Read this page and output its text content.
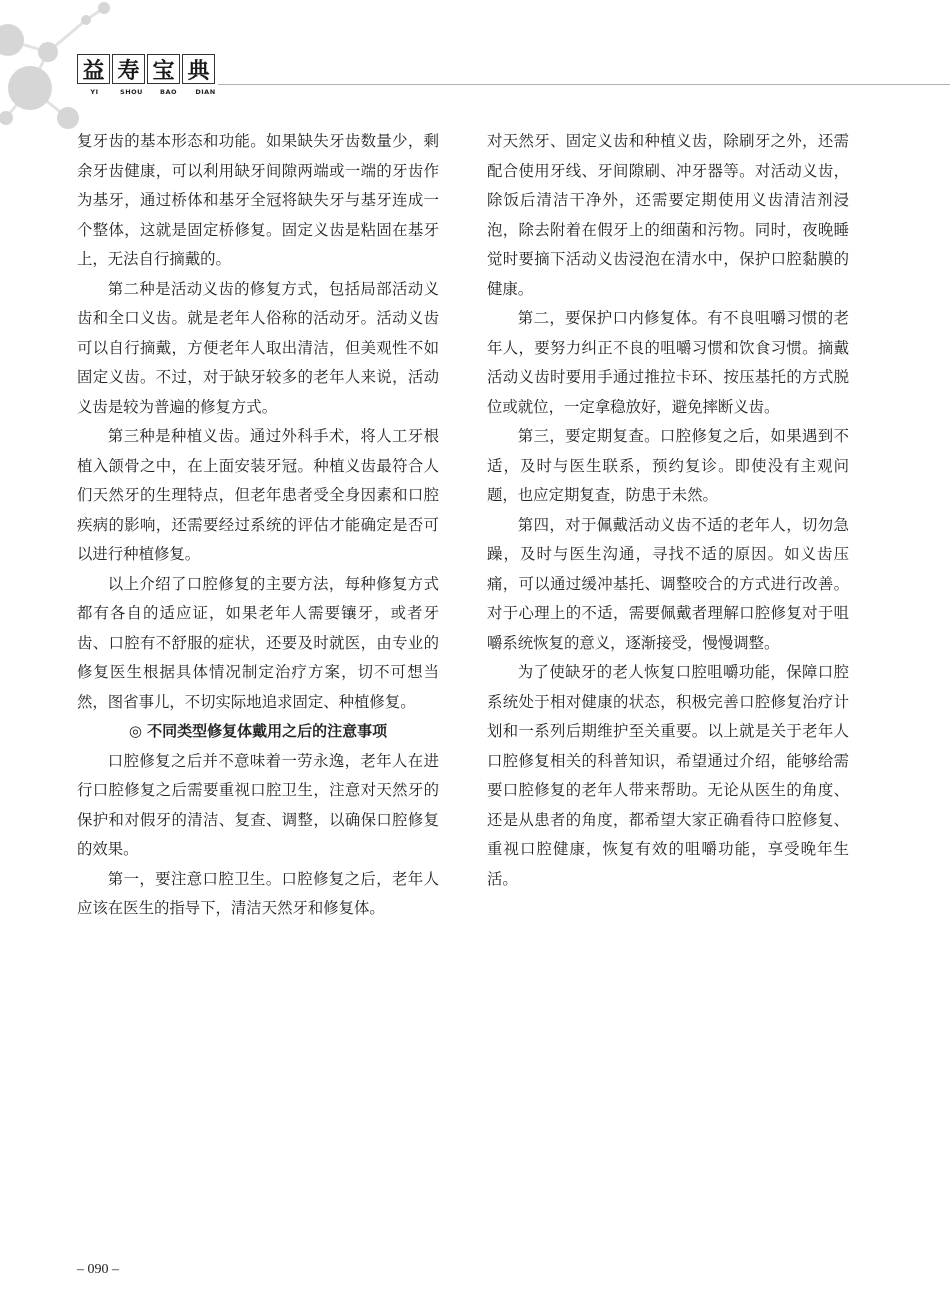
益 寿 宝 典
YI	SHOU	BAO	DIAN

复牙齿的基本形态和功能。如果缺失牙齿数量少，剩余牙齿健康，可以利用缺牙间隙两端或一端的牙齿作为基牙，通过桥体和基牙全冠将缺失牙与基牙连成一个整体，这就是固定桥修复。固定义齿是粘固在基牙上，无法自行摘戴的。

第二种是活动义齿的修复方式，包括局部活动义齿和全口义齿。就是老年人俗称的活动牙。活动义齿可以自行摘戴，方便老年人取出清洁，但美观性不如固定义齿。不过，对于缺牙较多的老年人来说，活动义齿是较为普遍的修复方式。

第三种是种植义齿。通过外科手术，将人工牙根植入颌骨之中，在上面安装牙冠。种植义齿最符合人们天然牙的生理特点，但老年患者受全身因素和口腔疾病的影响，还需要经过系统的评估才能确定是否可以进行种植修复。

以上介绍了口腔修复的主要方法，每种修复方式都有各自的适应证，如果老年人需要镶牙，或者牙齿、口腔有不舒服的症状，还要及时就医，由专业的修复医生根据具体情况制定治疗方案，切不可想当然，图省事儿，不切实际地追求固定、种植修复。

◎ 不同类型修复体戴用之后的注意事项

口腔修复之后并不意味着一劳永逸，老年人在进行口腔修复之后需要重视口腔卫生，注意对天然牙的保护和对假牙的清洁、复查、调整，以确保口腔修复的效果。

第一，要注意口腔卫生。口腔修复之后，老年人应该在医生的指导下，清洁天然牙和修复体。

对天然牙、固定义齿和种植义齿，除刷牙之外，还需配合使用牙线、牙间隙刷、冲牙器等。对活动义齿，除饭后清洁干净外，还需要定期使用义齿清洁剂浸泡，除去附着在假牙上的细菌和污物。同时，夜晚睡觉时要摘下活动义齿浸泡在清水中，保护口腔黏膜的健康。

第二，要保护口内修复体。有不良咀嚼习惯的老年人，要努力纠正不良的咀嚼习惯和饮食习惯。摘戴活动义齿时要用手通过推拉卡环、按压基托的方式脱位或就位，一定拿稳放好，避免摔断义齿。

第三，要定期复查。口腔修复之后，如果遇到不适，及时与医生联系，预约复诊。即使没有主观问题，也应定期复查，防患于未然。

第四，对于佩戴活动义齿不适的老年人，切勿急躁，及时与医生沟通，寻找不适的原因。如义齿压痛，可以通过缓冲基托、调整咬合的方式进行改善。对于心理上的不适，需要佩戴者理解口腔修复对于咀嚼系统恢复的意义，逐渐接受，慢慢调整。

为了使缺牙的老人恢复口腔咀嚼功能，保障口腔系统处于相对健康的状态，积极完善口腔修复治疗计划和一系列后期维护至关重要。以上就是关于老年人口腔修复相关的科普知识，希望通过介绍，能够给需要口腔修复的老年人带来帮助。无论从医生的角度、还是从患者的角度，都希望大家正确看待口腔修复、重视口腔健康，恢复有效的咀嚼功能，享受晚年生活。

– 090 –
